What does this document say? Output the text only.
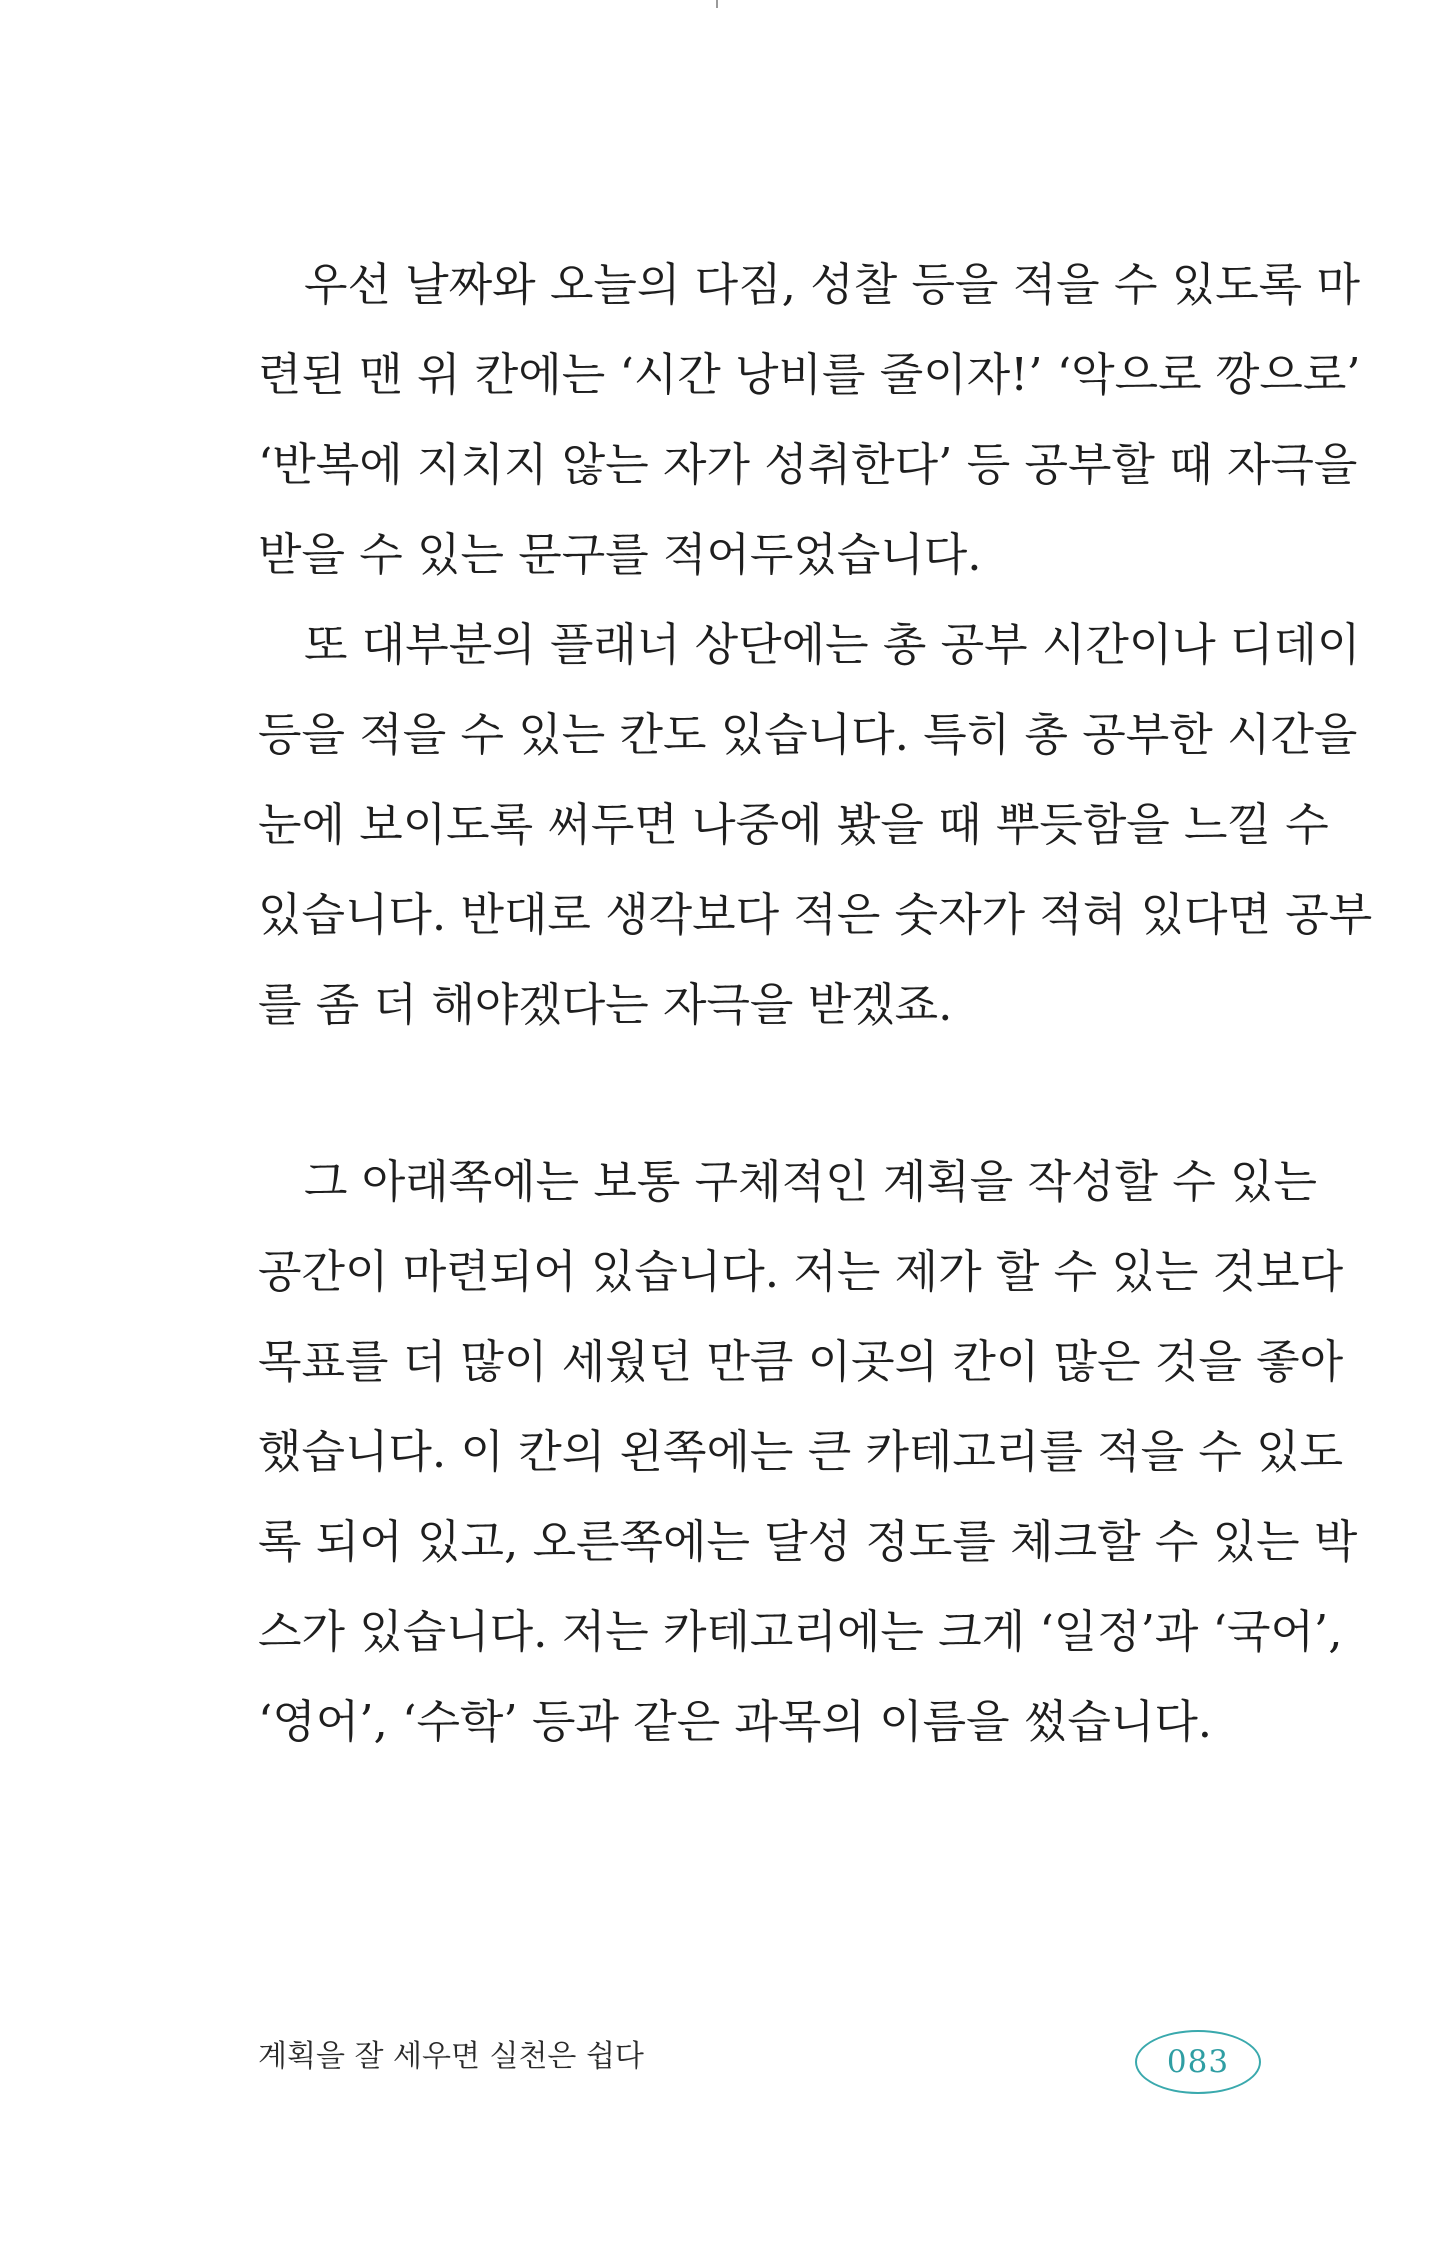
우선 날짜와 오늘의 다짐, 성찰 등을 적을 수 있도록 마
련된 맨 위 칸에는 ‘시간 낭비를 줄이자!’ ‘악으로 깡으로’
‘반복에 지치지 않는 자가 성취한다’ 등 공부할 때 자극을
받을 수 있는 문구를 적어두었습니다.
또 대부분의 플래너 상단에는 총 공부 시간이나 디데이
등을 적을 수 있는 칸도 있습니다. 특히 총 공부한 시간을
눈에 보이도록 써두면 나중에 봤을 때 뿌듯함을 느낄 수
있습니다. 반대로 생각보다 적은 숫자가 적혀 있다면 공부
를 좀 더 해야겠다는 자극을 받겠죠.
그 아래쪽에는 보통 구체적인 계획을 작성할 수 있는
공간이 마련되어 있습니다. 저는 제가 할 수 있는 것보다
목표를 더 많이 세웠던 만큼 이곳의 칸이 많은 것을 좋아
했습니다. 이 칸의 왼쪽에는 큰 카테고리를 적을 수 있도
록 되어 있고, 오른쪽에는 달성 정도를 체크할 수 있는 박
스가 있습니다. 저는 카테고리에는 크게 ‘일정’과 ‘국어’,
‘영어’, ‘수학’ 등과 같은 과목의 이름을 썼습니다.
계획을 잘 세우면 실천은 쉽다	083
